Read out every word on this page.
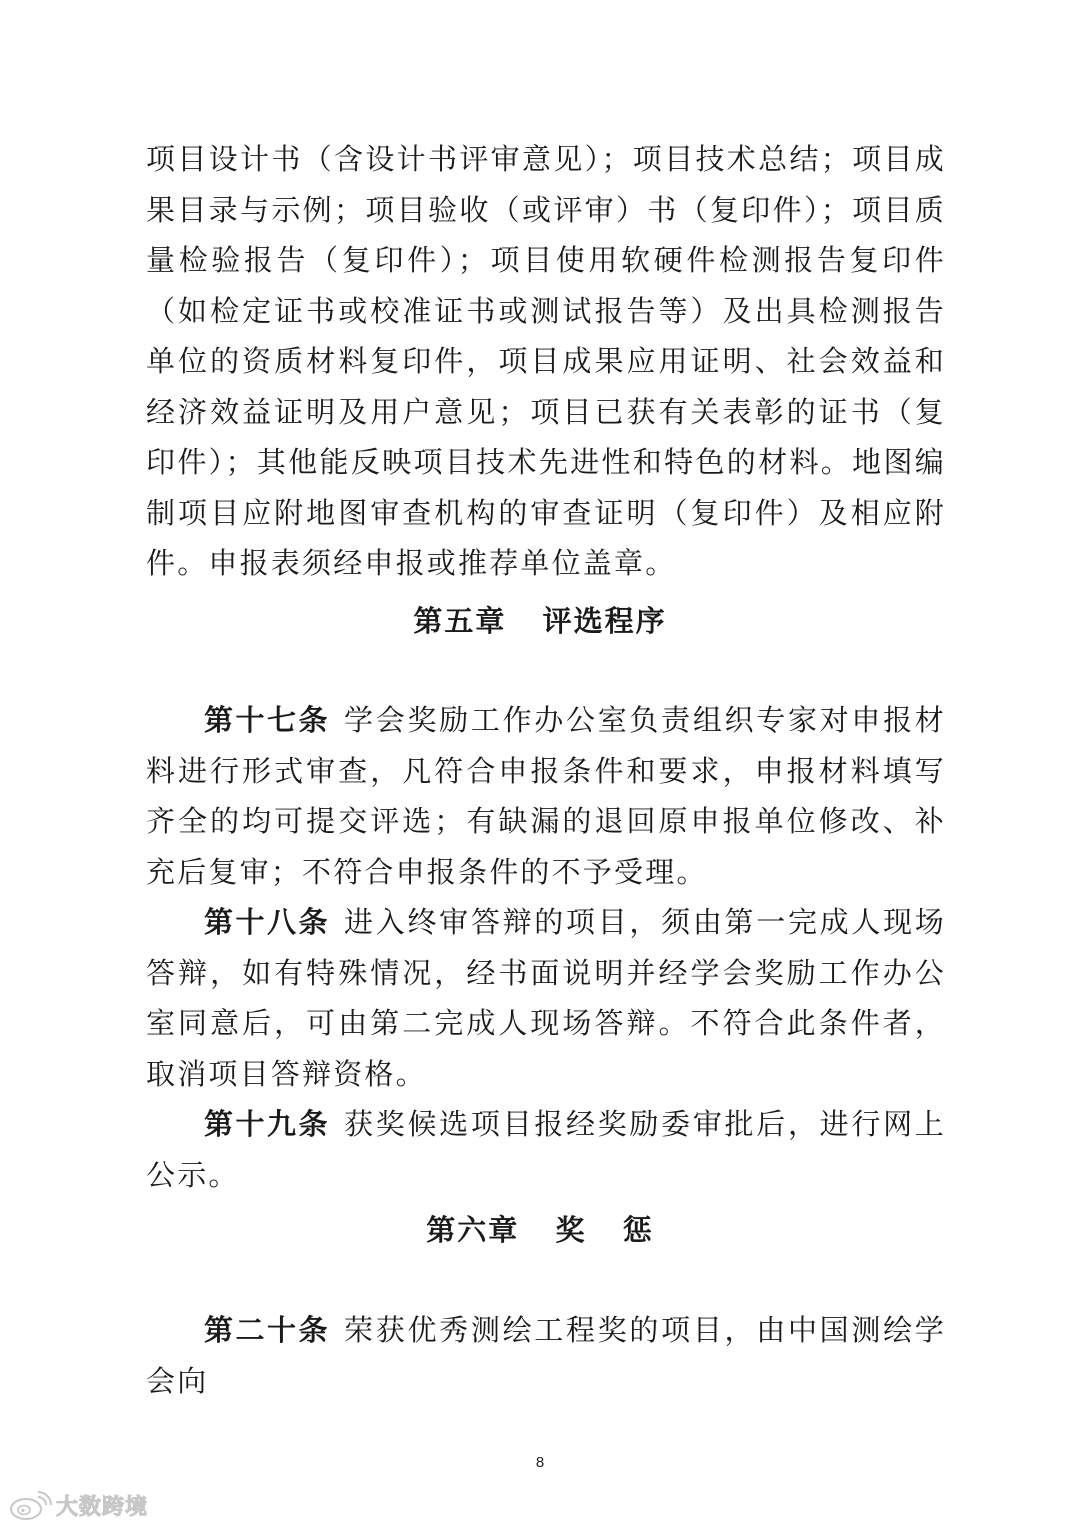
项目设计书（含设计书评审意见）；项目技术总结；项目成果目录与示例；项目验收（或评审）书（复印件）；项目质量检验报告（复印件）；项目使用软硬件检测报告复印件（如检定证书或校准证书或测试报告等）及出具检测报告单位的资质材料复印件，项目成果应用证明、社会效益和经济效益证明及用户意见；项目已获有关表彰的证书（复印件）；其他能反映项目技术先进性和特色的材料。地图编制项目应附地图审查机构的审查证明（复印件）及相应附件。申报表须经申报或推荐单位盖章。

第五章   评选程序

第十七条 学会奖励工作办公室负责组织专家对申报材料进行形式审查，凡符合申报条件和要求，申报材料填写齐全的均可提交评选；有缺漏的退回原申报单位修改、补充后复审；不符合申报条件的不予受理。

第十八条 进入终审答辩的项目，须由第一完成人现场答辩，如有特殊情况，经书面说明并经学会奖励工作办公室同意后，可由第二完成人现场答辩。不符合此条件者，取消项目答辩资格。

第十九条 获奖候选项目报经奖励委审批后，进行网上公示。

第六章   奖   惩

第二十条 荣获优秀测绘工程奖的项目，由中国测绘学会向

8
大数跨境
